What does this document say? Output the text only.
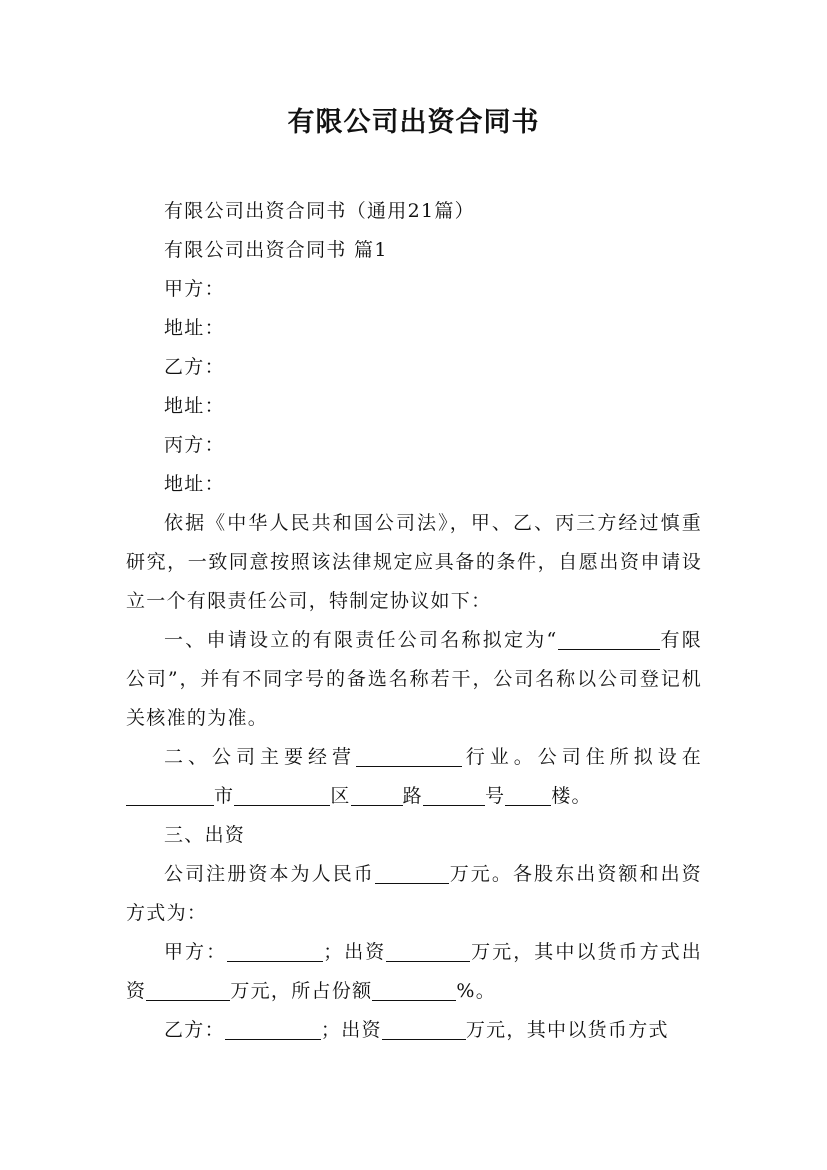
有限公司出资合同书

有限公司出资合同书（通用21篇）

有限公司出资合同书 篇1

甲方：

地址：

乙方：

地址：

丙方：

地址：

依据《中华人民共和国公司法》，甲、乙、丙三方经过慎重研究，一致同意按照该法律规定应具备的条件，自愿出资申请设立一个有限责任公司，特制定协议如下：

一、申请设立的有限责任公司名称拟定为“	有限公司”，并有不同字号的备选名称若干，公司名称以公司登记机关核准的为准。

二、公司主要经营	行业。公司住所拟设在市	区	路	号 楼。

三、出资

公司注册资本为人民币	万元。各股东出资额和出资方式为：

甲方：	；出资	万元，其中以货币方式出资	万元，所占份额	%。

乙方：	；出资	万元，其中以货币方式
